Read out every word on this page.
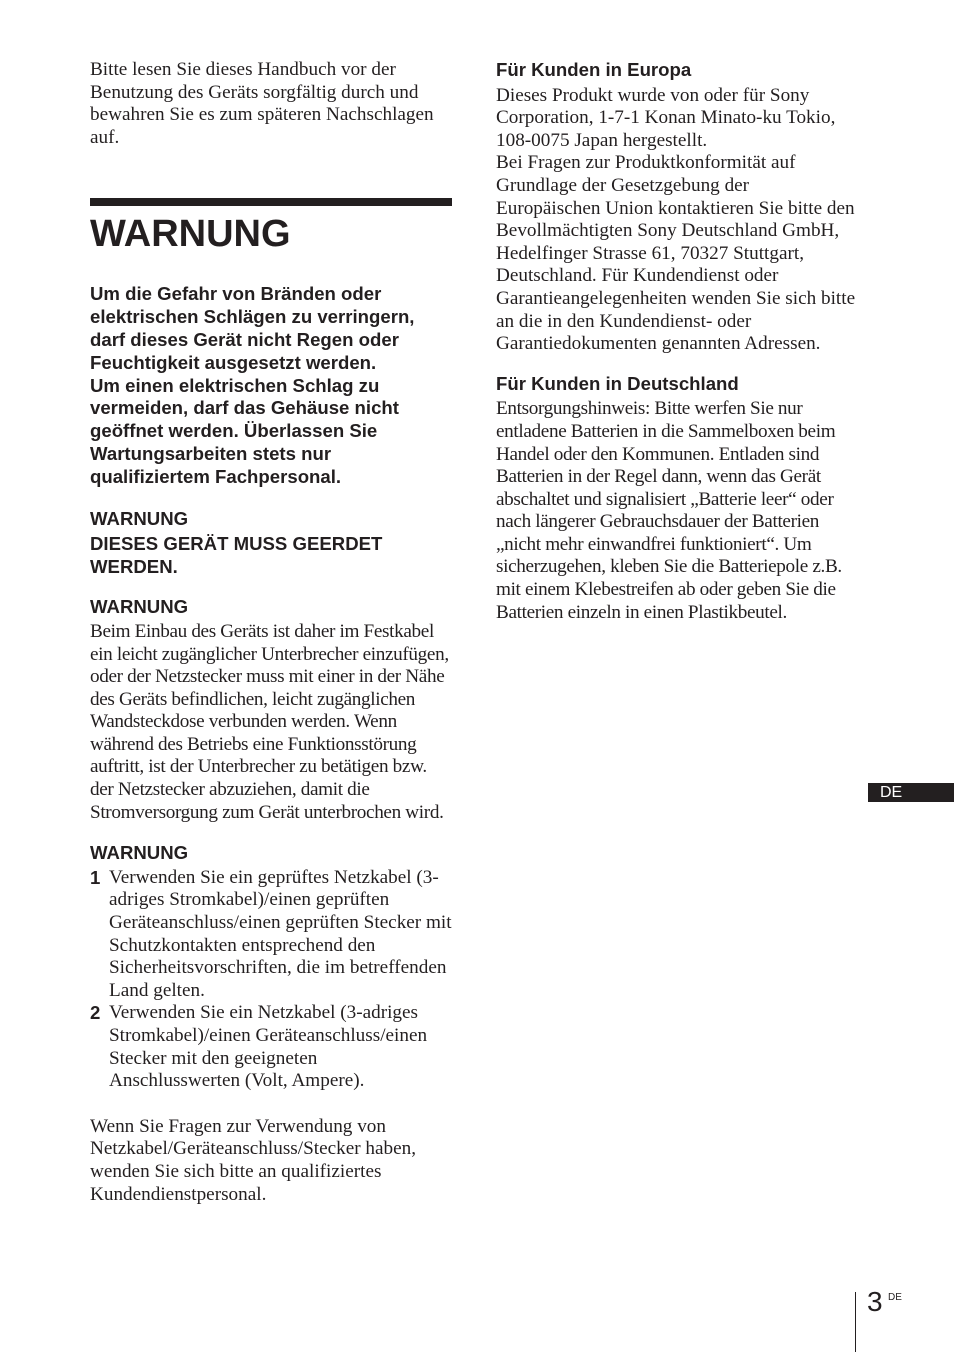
Bitte lesen Sie dieses Handbuch vor der Benutzung des Geräts sorgfältig durch und bewahren Sie es zum späteren Nachschlagen auf.

WARNUNG

Um die Gefahr von Bränden oder elektrischen Schlägen zu verringern, darf dieses Gerät nicht Regen oder Feuchtigkeit ausgesetzt werden.
Um einen elektrischen Schlag zu vermeiden, darf das Gehäuse nicht geöffnet werden. Überlassen Sie Wartungsarbeiten stets nur qualifiziertem Fachpersonal.

WARNUNG

DIESES GERÄT MUSS GEERDET WERDEN.

WARNUNG

Beim Einbau des Geräts ist daher im Festkabel ein leicht zugänglicher Unterbrecher einzufügen, oder der Netzstecker muss mit einer in der Nähe des Geräts befindlichen, leicht zugänglichen Wandsteckdose verbunden werden. Wenn während des Betriebs eine Funktionsstörung auftritt, ist der Unterbrecher zu betätigen bzw. der Netzstecker abzuziehen, damit die Stromversorgung zum Gerät unterbrochen wird.

WARNUNG

1 Verwenden Sie ein geprüftes Netzkabel (3-adriges Stromkabel)/einen geprüften Geräteanschluss/einen geprüften Stecker mit Schutzkontakten entsprechend den Sicherheitsvorschriften, die im betreffenden Land gelten.
2 Verwenden Sie ein Netzkabel (3-adriges Stromkabel)/einen Geräteanschluss/einen Stecker mit den geeigneten Anschlusswerten (Volt, Ampere).

Wenn Sie Fragen zur Verwendung von Netzkabel/Geräteanschluss/Stecker haben, wenden Sie sich bitte an qualifiziertes Kundendienstpersonal.

Für Kunden in Europa

Dieses Produkt wurde von oder für Sony Corporation, 1-7-1 Konan Minato-ku Tokio, 108-0075 Japan hergestellt.
Bei Fragen zur Produktkonformität auf Grundlage der Gesetzgebung der Europäischen Union kontaktieren Sie bitte den Bevollmächtigten Sony Deutschland GmbH, Hedelfinger Strasse 61, 70327 Stuttgart, Deutschland. Für Kundendienst oder Garantieangelegenheiten wenden Sie sich bitte an die in den Kundendienst- oder Garantiedokumenten genannten Adressen.

Für Kunden in Deutschland

Entsorgungshinweis: Bitte werfen Sie nur entladene Batterien in die Sammelboxen beim Handel oder den Kommunen. Entladen sind Batterien in der Regel dann, wenn das Gerät abschaltet und signalisiert „Batterie leer“ oder nach längerer Gebrauchsdauer der Batterien „nicht mehr einwandfrei funktioniert“. Um sicherzugehen, kleben Sie die Batteriepole z.B. mit einem Klebestreifen ab oder geben Sie die Batterien einzeln in einen Plastikbeutel.

DE
3 DE
